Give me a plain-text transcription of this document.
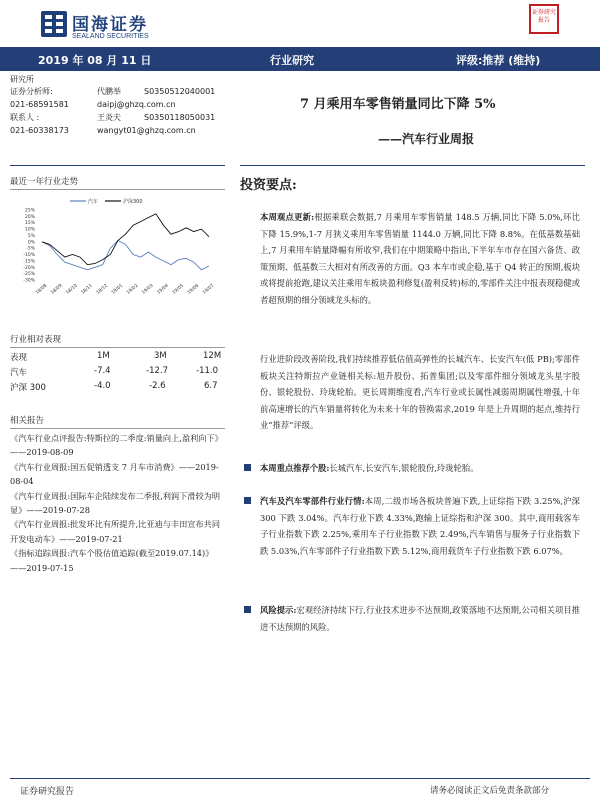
国海证券
SEALAND SECURITIES
证券研究报告
2019 年 08 月 11 日	行业研究	评级:推荐 (维持)
研究所
证券分析师:	代鹏举	S0350512040001
021-68591581	daipj@ghzq.com.cn
联系人 :	王炎夫	S0350118050031
021-60338173	wangyt01@ghzq.com.cn
7 月乘用车零售销量同比下降 5%
——汽车行业周报
最近一年行业走势
汽车	沪深300
25%
20%
15%
10%
5%
0%
-5%
-10%
-15%
-20%
-25%
-30%
18/08 18/09 18/10 18/11 18/12 19/01 19/02 19/03 19/04 19/05 19/06 19/07
行业相对表现
表现	1M	3M	12M
汽车	-7.4	-12.7	-11.0
沪深 300	-4.0	-2.6	6.7
相关报告

《汽车行业点评报告:特斯拉的二季度:销量向上,盈利向下》——2019-08-09

《汽车行业周报:国五促销透支 7 月车市消费》——2019-08-04

《汽车行业周报:国际车企陆续发布二季报,利润下滑较为明显》——2019-07-28

《汽车行业周报:批发环比有所提升,比亚迪与丰田宣布共同开发电动车》——2019-07-21

《指标追踪周报:汽车个股估值追踪(截至2019.07.14)》——2019-07-15

投资要点:
本周观点更新:根据乘联会数据,7 月乘用车零售销量 148.5 万辆,同比下降 5.0%,环比下降 15.9%,1-7 月狭义乘用车零售销量 1144.0 万辆,同比下降 8.8%。在低基数基础上,7 月乘用车销量降幅有所收窄,我们在中期策略中指出,下半年车市存在国六备货、政策预期、低基数三大相对有所改善的方面。Q3 本车市或企稳,基于 Q4 转正的预期,板块或将提前抢跑,建议关注乘用车板块盈利修复(盈利反转)标的,零部件关注中报表现稳健或者超预期的细分领域龙头标的。
行业进阶段改善阶段,我们持续推荐低估值高弹性的长城汽车、长安汽车(低 PB);零部件板块关注特斯拉产业链相关标:旭升股份、拓普集团;以及零部件细分领域龙头星宇股份、银轮股份、玲珑轮胎。更长周期维度看,汽车行业或长属性减弱周期属性增强,十年前高速增长的汽车销量将转化为未来十年的替换需求,2019 年是上升周期的起点,维持行业“推荐”评级。
本周重点推荐个股:长城汽车,长安汽车,银轮股份,玲珑轮胎。
汽车及汽车零部件行业行情:本周,二级市场各板块普遍下跌,上证综指下跌 3.25%,沪深 300 下跌 3.04%。汽车行业下跌 4.33%,跑输上证综指和沪深 300。其中,商用载客车子行业指数下跌 2.25%,乘用车子行业指数下跌 2.49%,汽车销售与服务子行业指数下跌 5.03%,汽车零部件子行业指数下跌 5.12%,商用载货车子行业指数下跌 6.07%。
风险提示:宏观经济持续下行,行业技术进步不达预期,政策落地不达预期,公司相关项目推进不达预期的风险。
证券研究报告	请务必阅读正文后免责条款部分
